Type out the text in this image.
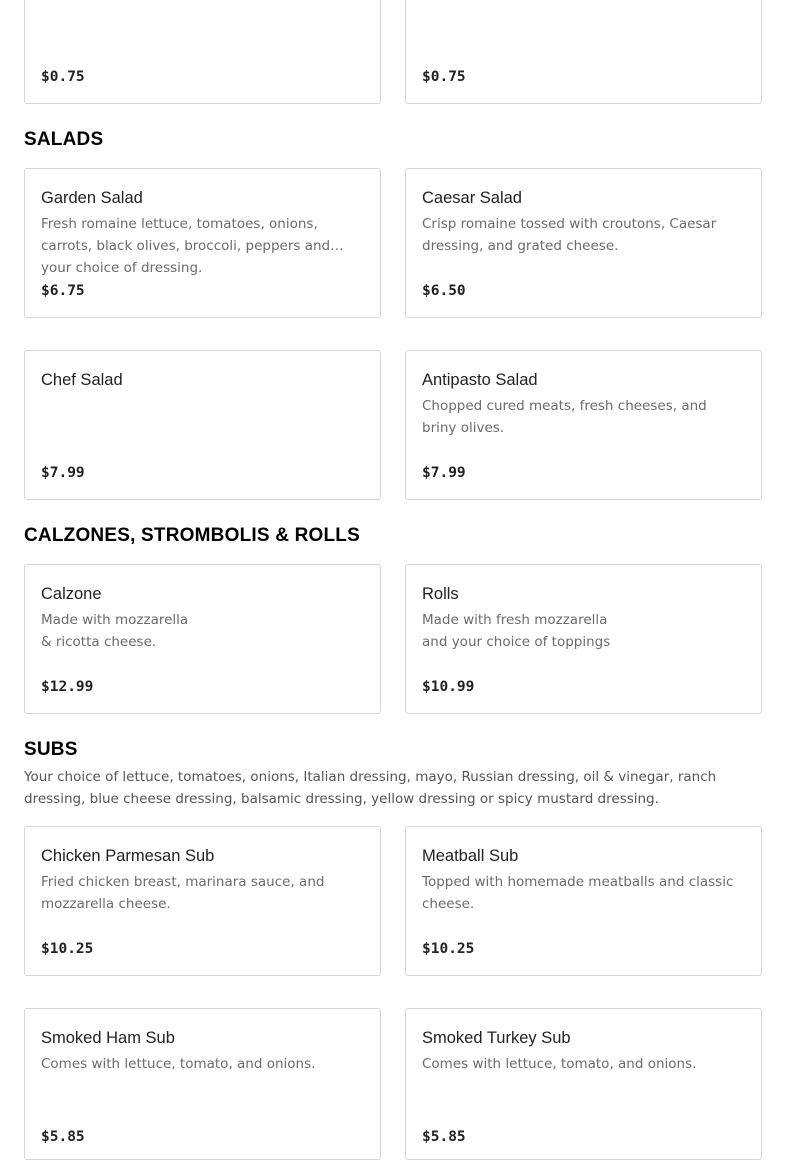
$0.75	$0.75
SALADS
Garden Salad
Fresh romaine lettuce, tomatoes, onions, carrots, black olives, broccoli, peppers and your choice of dressing.
$6.75
Caesar Salad
Crisp romaine tossed with croutons, Caesar dressing, and grated cheese.
$6.50
Chef Salad
$7.99
Antipasto Salad
Chopped cured meats, fresh cheeses, and briny olives.
$7.99
CALZONES, STROMBOLIS & ROLLS
Calzone
Made with mozzarella & ricotta cheese.
$12.99
Rolls
Made with fresh mozzarella and your choice of toppings
$10.99
SUBS
Your choice of lettuce, tomatoes, onions, Italian dressing, mayo, Russian dressing, oil & vinegar, ranch dressing, blue cheese dressing, balsamic dressing, yellow dressing or spicy mustard dressing.
Chicken Parmesan Sub
Fried chicken breast, marinara sauce, and mozzarella cheese.
$10.25
Meatball Sub
Topped with homemade meatballs and classic cheese.
$10.25
Smoked Ham Sub
Comes with lettuce, tomato, and onions.
$5.85
Smoked Turkey Sub
Comes with lettuce, tomato, and onions.
$5.85
